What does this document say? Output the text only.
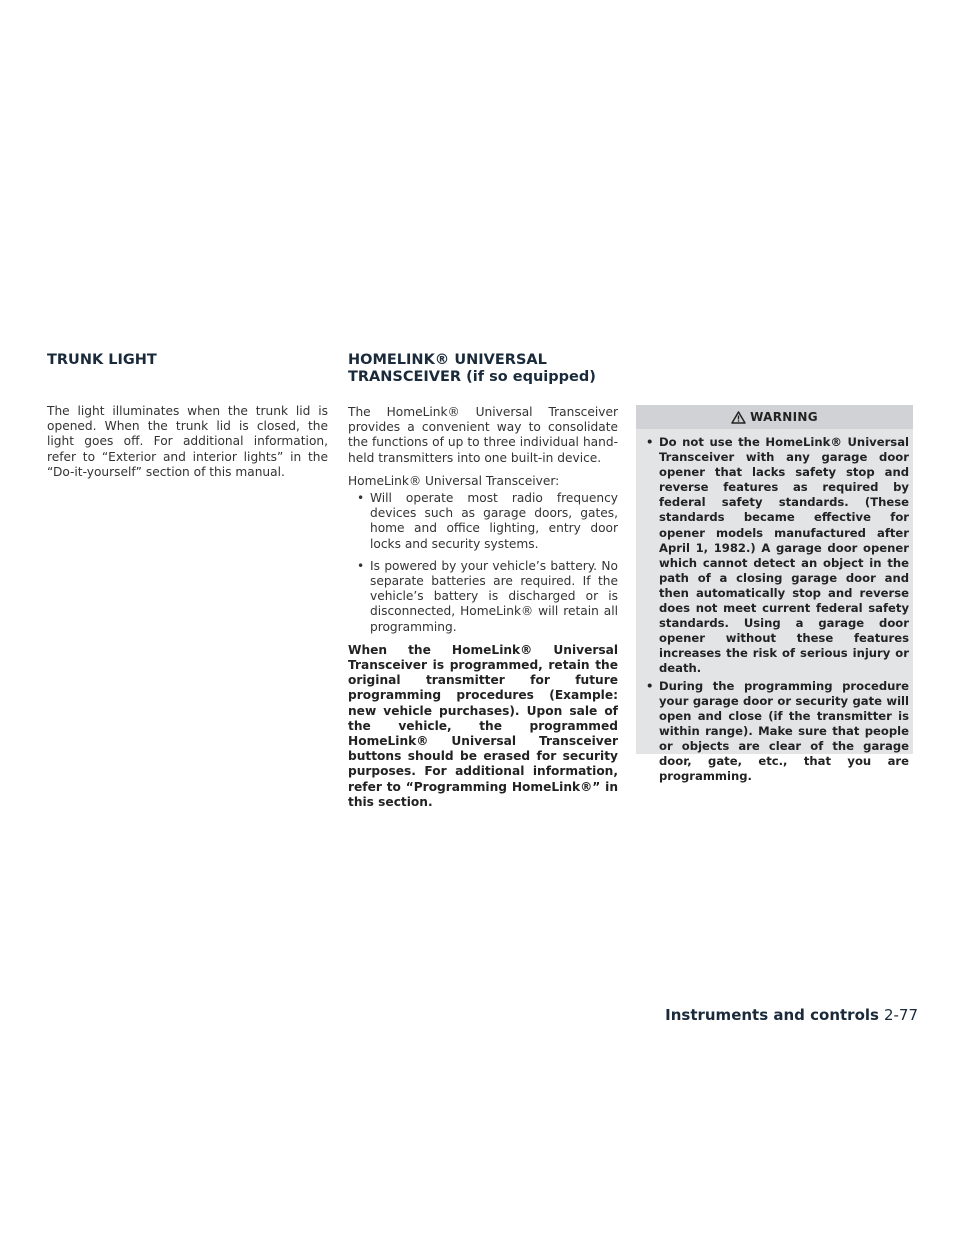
TRUNK LIGHT

The light illuminates when the trunk lid is opened. When the trunk lid is closed, the light goes off. For additional information, refer to “Exterior and interior lights” in the “Do-it-yourself” section of this manual.

HOMELINK® UNIVERSAL
TRANSCEIVER (if so equipped)

The HomeLink® Universal Transceiver provides a convenient way to consolidate the functions of up to three individual hand-held transmitters into one built-in device.

HomeLink® Universal Transceiver:

• Will operate most radio frequency devices such as garage doors, gates, home and office lighting, entry door locks and security systems.
• Is powered by your vehicle’s battery. No separate batteries are required. If the vehicle’s battery is discharged or is disconnected, HomeLink® will retain all programming.

When the HomeLink® Universal Transceiver is programmed, retain the original transmitter for future programming procedures (Example: new vehicle purchases). Upon sale of the vehicle, the programmed HomeLink® Universal Transceiver buttons should be erased for security purposes. For additional information, refer to “Programming HomeLink®” in this section.

WARNING
• Do not use the HomeLink® Universal Transceiver with any garage door opener that lacks safety stop and reverse features as required by federal safety standards. (These standards became effective for opener models manufactured after April 1, 1982.) A garage door opener which cannot detect an object in the path of a closing garage door and then automatically stop and reverse does not meet current federal safety standards. Using a garage door opener without these features increases the risk of serious injury or death.
• During the programming procedure your garage door or security gate will open and close (if the transmitter is within range). Make sure that people or objects are clear of the garage door, gate, etc., that you are programming.
Instruments and controls 2-77
